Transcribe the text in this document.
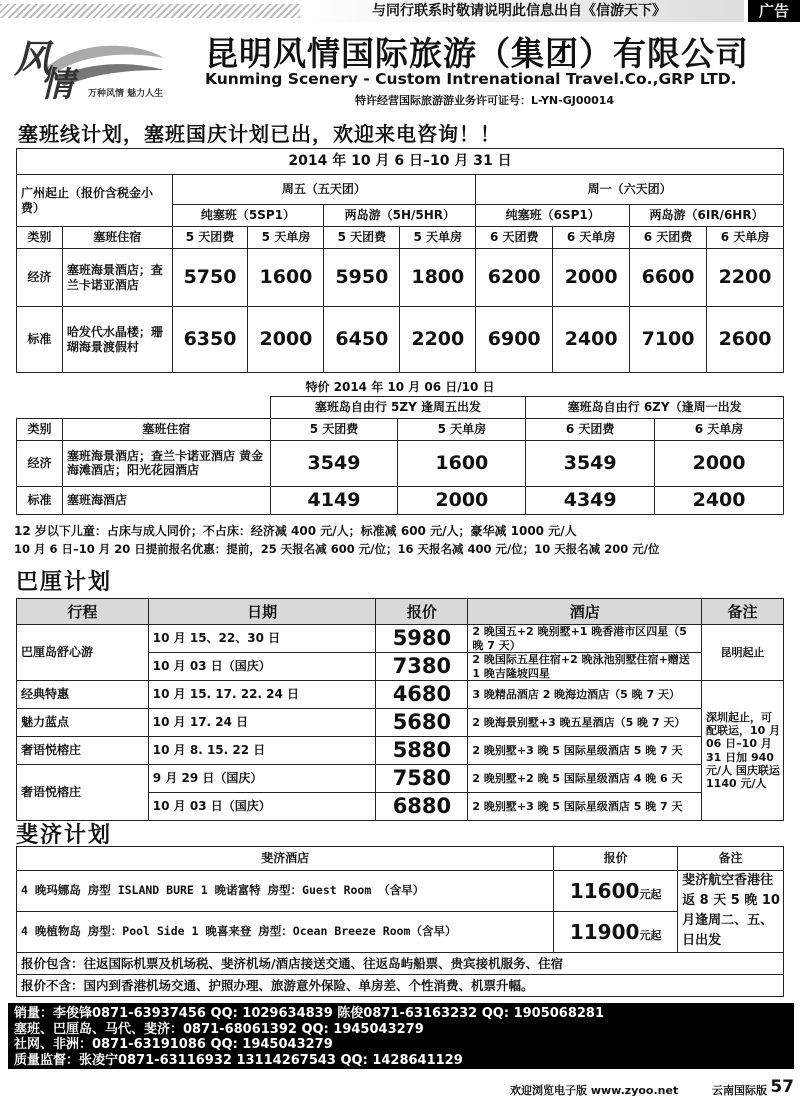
与同行联系时敬请说明此信息出自《信游天下》	广告
风
情	万种风情 魅力人生
昆明风情国际旅游（集团）有限公司
Kunming Scenery - Custom Intrenational Travel.Co.,GRP LTD.
特许经营国际旅游游业务许可证号：L-YN-GJ00014
塞班线计划，塞班国庆计划已出，欢迎来电咨询！！
2014 年 10 月 6 日–10 月 31 日									
广州起止（报价含税金小费）		周五（五天团）				周一（六天团）			
		纯塞班（5SP1）		两岛游（5H/5HR）		纯塞班（6SP1）		两岛游（6IR/6HR）	
类别	塞班住宿	5 天团费	5 天单房	5 天团费	5 天单房	6 天团费	6 天单房	6 天团费	6 天单房
经济	塞班海景酒店；查兰卡诺亚酒店	5750	1600	5950	1800	6200	2000	6600	2200
标准	哈发代水晶楼；珊瑚海景渡假村	6350	2000	6450	2200	6900	2400	7100	2600
特价 2014 年 10 月 06 日/10 日					
		塞班岛自由行 5ZY 逢周五出发		塞班岛自由行 6ZY（逢周一出发	
类别	塞班住宿	5 天团费	5 天单房	6 天团费	6 天单房
经济	塞班海景酒店；查兰卡诺亚酒店 黄金海滩酒店；阳光花园酒店	3549	1600	3549	2000
标准	塞班海酒店	4149	2000	4349	2400
12 岁以下儿童：占床与成人同价；不占床：经济减 400 元/人；标准减 600 元/人；豪华减 1000 元/人
10 月 6 日–10 月 20 日提前报名优惠：提前，25 天报名减 600 元/位；16 天报名减 400 元/位；10 天报名减 200 元/位
巴厘计划
行程	日期	报价	酒店	备注
巴厘岛舒心游	10 月 15、22、30 日	5980	2 晚国五+2 晚别墅+1 晚香港市区四星（5 晚 7 天）	昆明起止
	10 月 03 日（国庆）	7380	2 晚国际五星住宿+2 晚泳池别墅住宿+赠送 1 晚吉隆坡四星	
经典特惠	10 月 15. 17. 22. 24 日	4680	3 晚精品酒店 2 晚海边酒店（5 晚 7 天）	深圳起止，可配联运，10 月 06 日–10 月 31 日加 940 元/人 国庆联运 1140 元/人
魅力蓝点	10 月 17. 24 日	5680	2 晚海景别墅+3 晚五星酒店（5 晚 7 天）	
奢语悦榕庄	10 月 8. 15. 22 日	5880	2 晚别墅+3 晚 5 国际星级酒店 5 晚 7 天	
奢语悦榕庄	9 月 29 日（国庆）	7580	2 晚别墅+2 晚 5 国际星级酒店 4 晚 6 天	
	10 月 03 日（国庆）	6880	2 晚别墅+3 晚 5 国际星级酒店 5 晚 7 天	
斐济计划
斐济酒店	报价	备注
4 晚玛娜岛 房型 ISLAND BURE 1 晚诺富特 房型：Guest Room （含早）	11600元起	斐济航空香港往返 8 天 5 晚 10 月逢周二、五、日出发
4 晚植物岛 房型：Pool Side 1 晚喜来登 房型：Ocean Breeze Room（含早）	11900元起	
报价包含：往返国际机票及机场税、斐济机场/酒店接送交通、往返岛屿船票、贵宾接机服务、住宿		
报价不含：国内到香港机场交通、护照办理、旅游意外保险、单房差、个性消费、机票升幅。		
销量：李俊锋0871-63937456 QQ: 1029634839 陈俊0871-63163232 QQ: 1905068281
塞班、巴厘岛、马代、斐济：0871-68061392 QQ: 1945043279
社网、非洲：0871-63191086 QQ: 1945043279
质量监督：张凌宁0871-63116932 13114267543 QQ: 1428641129
欢迎浏览电子版 www.zyoo.net	云南国际版 57
